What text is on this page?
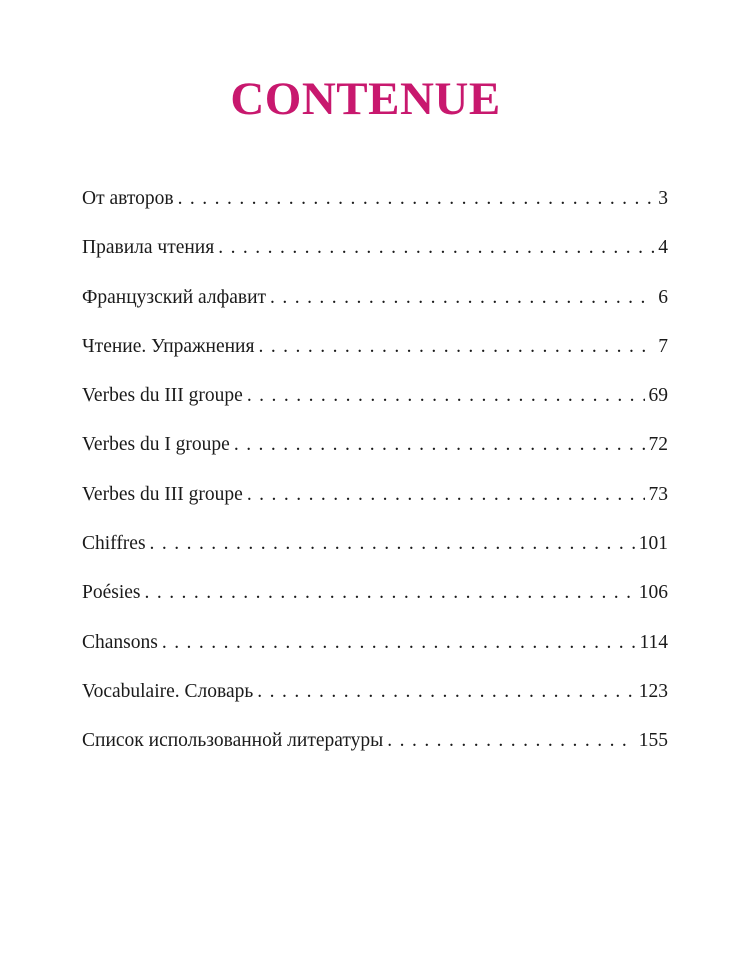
CONTENUE
От авторов . . .	3
Правила чтения . . .	4
Французский алфавит . . .	6
Чтение. Упражнения . . .	7
Verbes du III groupe . . .	69
Verbes du I groupe . . .	72
Verbes du III groupe . . .	73
Chiffres . . .	101
Poésies . . .	106
Chansons . . .	114
Vocabulaire. Словарь . . .	123
Список использованной литературы . . .	155
